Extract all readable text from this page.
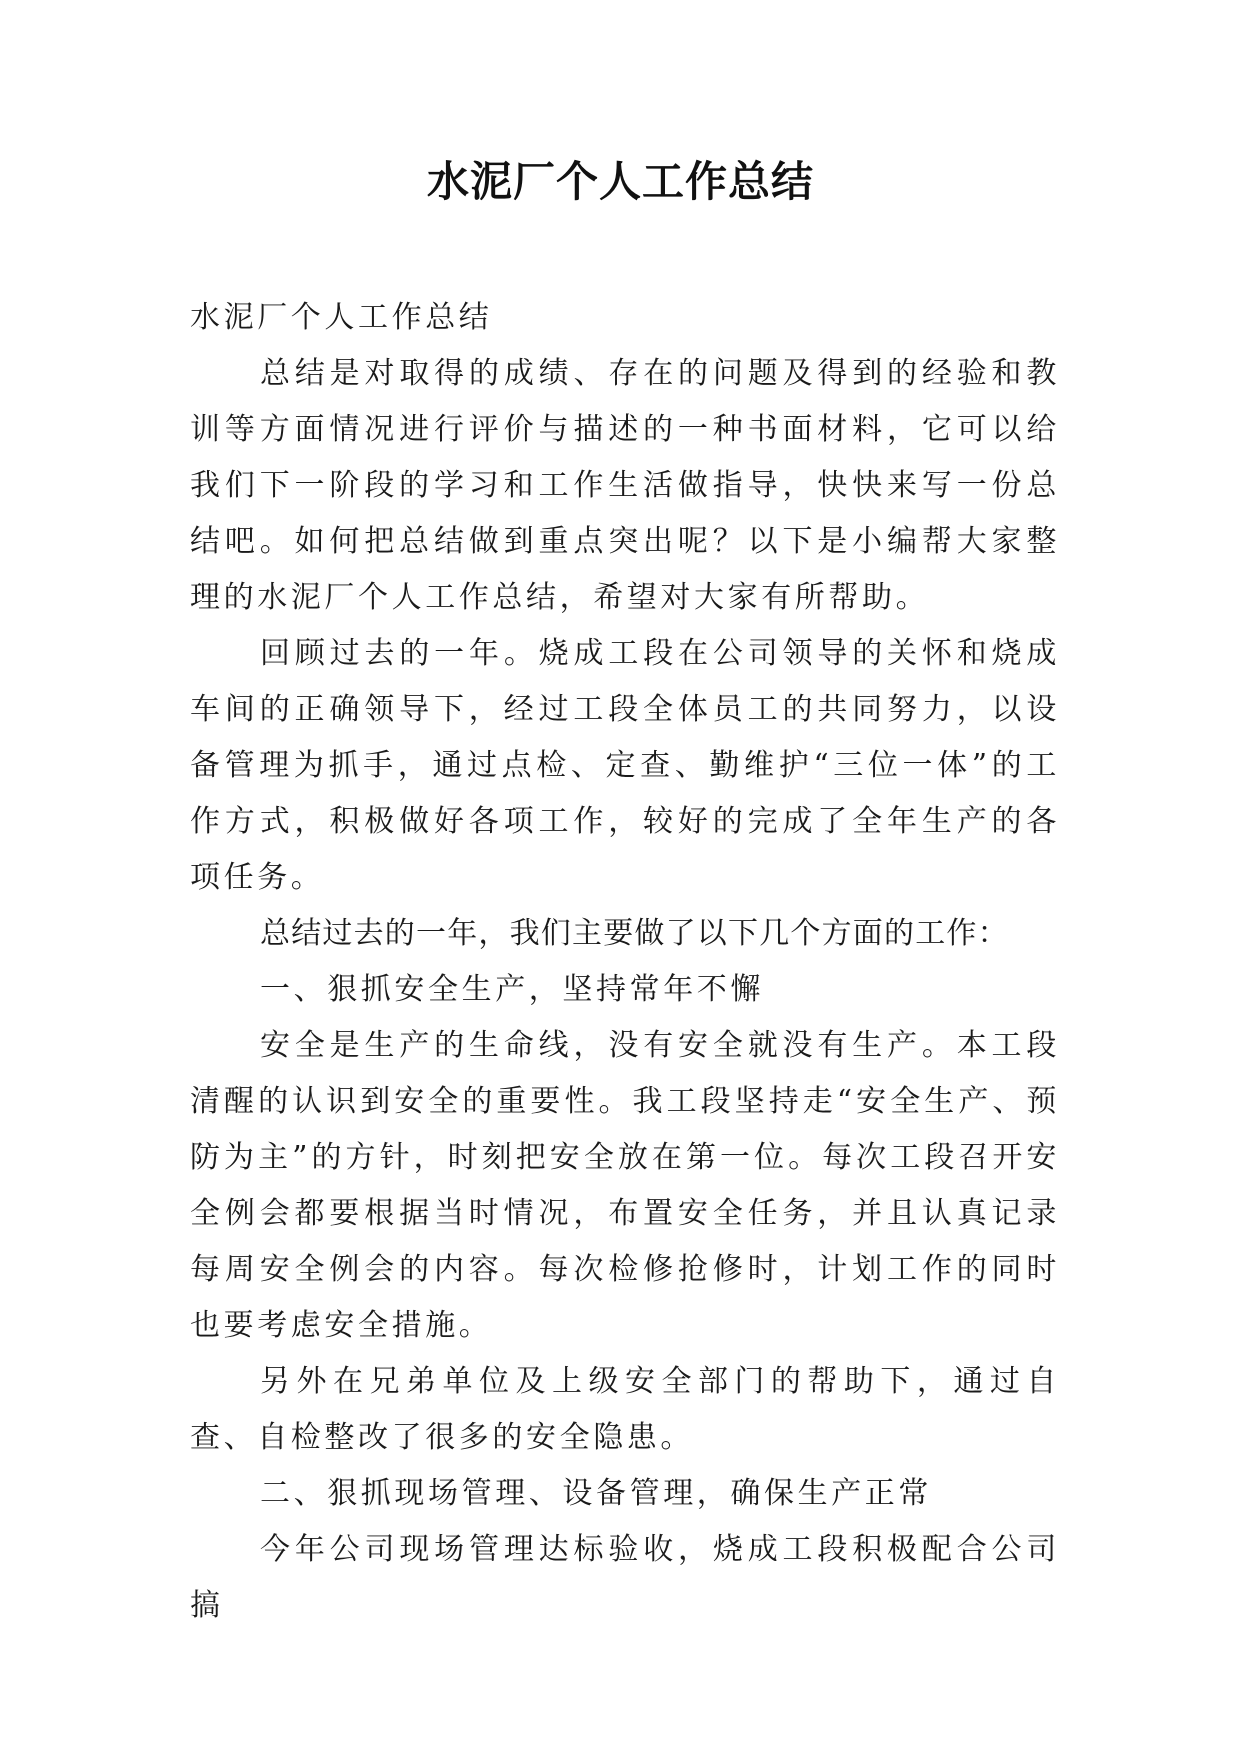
水泥厂个人工作总结

水泥厂个人工作总结

总结是对取得的成绩、存在的问题及得到的经验和教训等方面情况进行评价与描述的一种书面材料，它可以给我们下一阶段的学习和工作生活做指导，快快来写一份总结吧。如何把总结做到重点突出呢？以下是小编帮大家整理的水泥厂个人工作总结，希望对大家有所帮助。

回顾过去的一年。烧成工段在公司领导的关怀和烧成车间的正确领导下，经过工段全体员工的共同努力，以设备管理为抓手，通过点检、定查、勤维护“三位一体”的工作方式，积极做好各项工作，较好的完成了全年生产的各项任务。

总结过去的一年，我们主要做了以下几个方面的工作：

一、狠抓安全生产，坚持常年不懈

安全是生产的生命线，没有安全就没有生产。本工段清醒的认识到安全的重要性。我工段坚持走“安全生产、预防为主”的方针，时刻把安全放在第一位。每次工段召开安全例会都要根据当时情况，布置安全任务，并且认真记录每周安全例会的内容。每次检修抢修时，计划工作的同时也要考虑安全措施。

另外在兄弟单位及上级安全部门的帮助下，通过自查、自检整改了很多的安全隐患。

二、狠抓现场管理、设备管理，确保生产正常

今年公司现场管理达标验收，烧成工段积极配合公司搞
